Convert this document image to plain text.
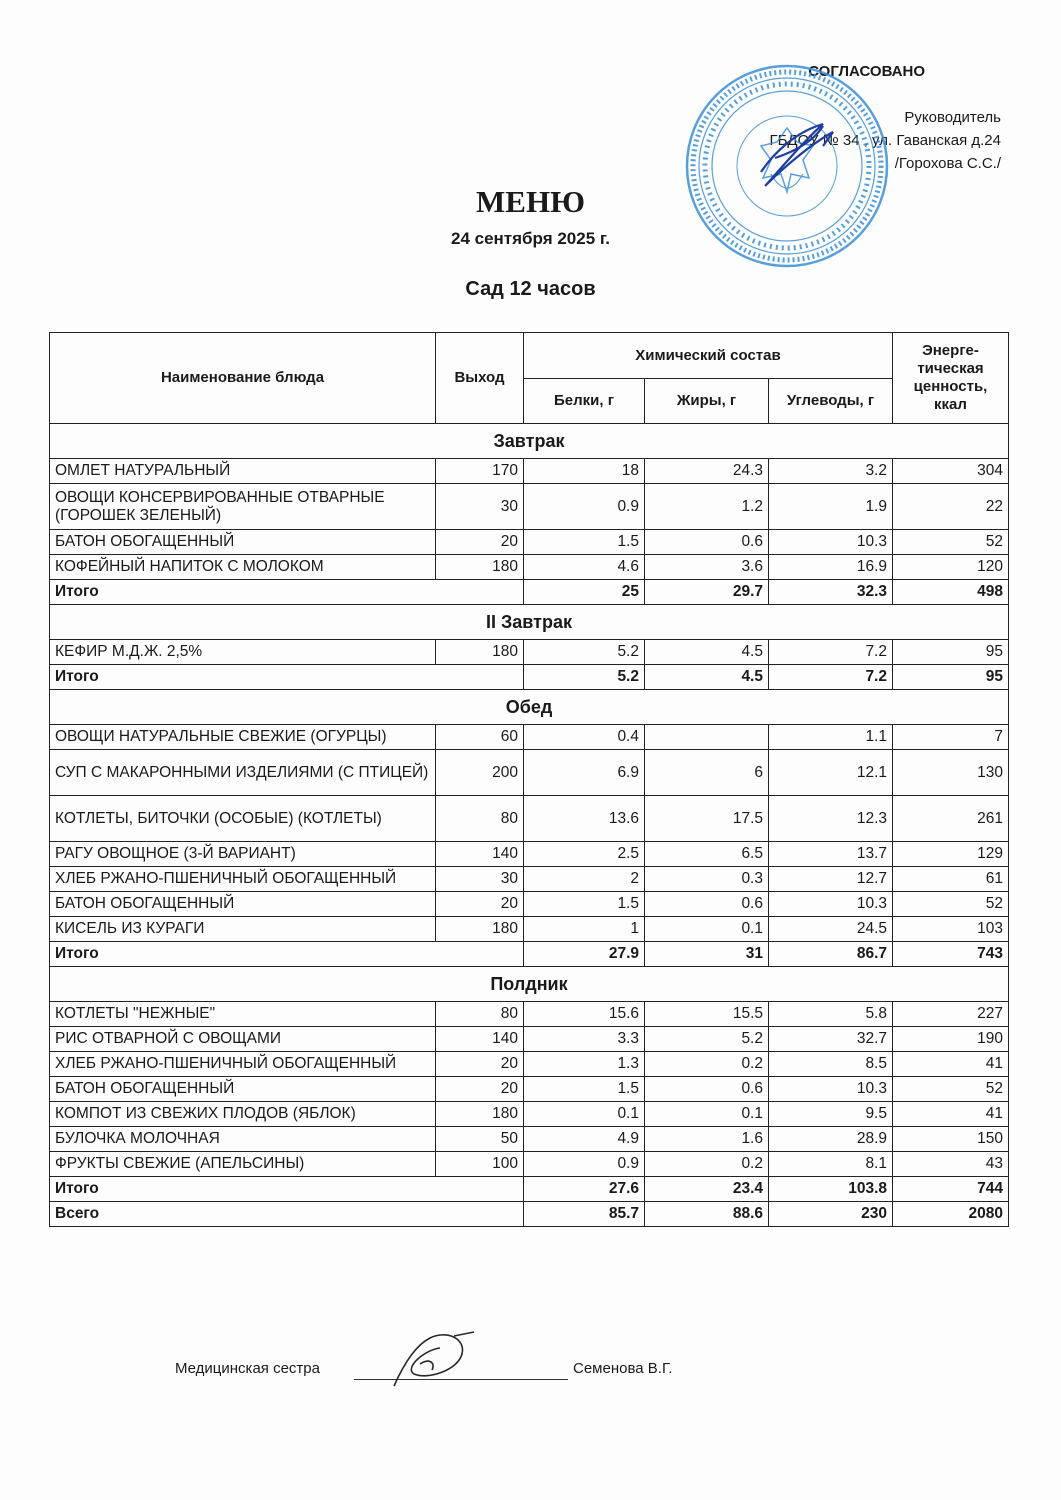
СОГЛАСОВАНО
Руководитель
ГБДОУ № 34 , ул. Гаванская д.24
/Горохова С.С./
МЕНЮ
24 сентября 2025 г.
Сад 12 часов
Наименование блюда	Выход	Химический состав			Энерге-тическая ценность, ккал
		Белки, г	Жиры, г	Углеводы, г	
Завтрак					
ОМЛЕТ НАТУРАЛЬНЫЙ	170	18	24.3	3.2	304
ОВОЩИ КОНСЕРВИРОВАННЫЕ ОТВАРНЫЕ (ГОРОШЕК ЗЕЛЕНЫЙ)	30	0.9	1.2	1.9	22
БАТОН ОБОГАЩЕННЫЙ	20	1.5	0.6	10.3	52
КОФЕЙНЫЙ НАПИТОК С МОЛОКОМ	180	4.6	3.6	16.9	120
Итого		25	29.7	32.3	498
II Завтрак					
КЕФИР М.Д.Ж. 2,5%	180	5.2	4.5	7.2	95
Итого		5.2	4.5	7.2	95
Обед					
ОВОЩИ НАТУРАЛЬНЫЕ СВЕЖИЕ (ОГУРЦЫ)	60	0.4		1.1	7
СУП С МАКАРОННЫМИ ИЗДЕЛИЯМИ (С ПТИЦЕЙ)	200	6.9	6	12.1	130
КОТЛЕТЫ, БИТОЧКИ (ОСОБЫЕ) (КОТЛЕТЫ)	80	13.6	17.5	12.3	261
РАГУ ОВОЩНОЕ (3-Й ВАРИАНТ)	140	2.5	6.5	13.7	129
ХЛЕБ РЖАНО-ПШЕНИЧНЫЙ ОБОГАЩЕННЫЙ	30	2	0.3	12.7	61
БАТОН ОБОГАЩЕННЫЙ	20	1.5	0.6	10.3	52
КИСЕЛЬ ИЗ КУРАГИ	180	1	0.1	24.5	103
Итого		27.9	31	86.7	743
Полдник					
КОТЛЕТЫ "НЕЖНЫЕ"	80	15.6	15.5	5.8	227
РИС ОТВАРНОЙ С ОВОЩАМИ	140	3.3	5.2	32.7	190
ХЛЕБ РЖАНО-ПШЕНИЧНЫЙ ОБОГАЩЕННЫЙ	20	1.3	0.2	8.5	41
БАТОН ОБОГАЩЕННЫЙ	20	1.5	0.6	10.3	52
КОМПОТ ИЗ СВЕЖИХ ПЛОДОВ (ЯБЛОК)	180	0.1	0.1	9.5	41
БУЛОЧКА МОЛОЧНАЯ	50	4.9	1.6	28.9	150
ФРУКТЫ СВЕЖИЕ (АПЕЛЬСИНЫ)	100	0.9	0.2	8.1	43
Итого		27.6	23.4	103.8	744
Всего		85.7	88.6	230	2080
Медицинская сестра	Семенова В.Г.
